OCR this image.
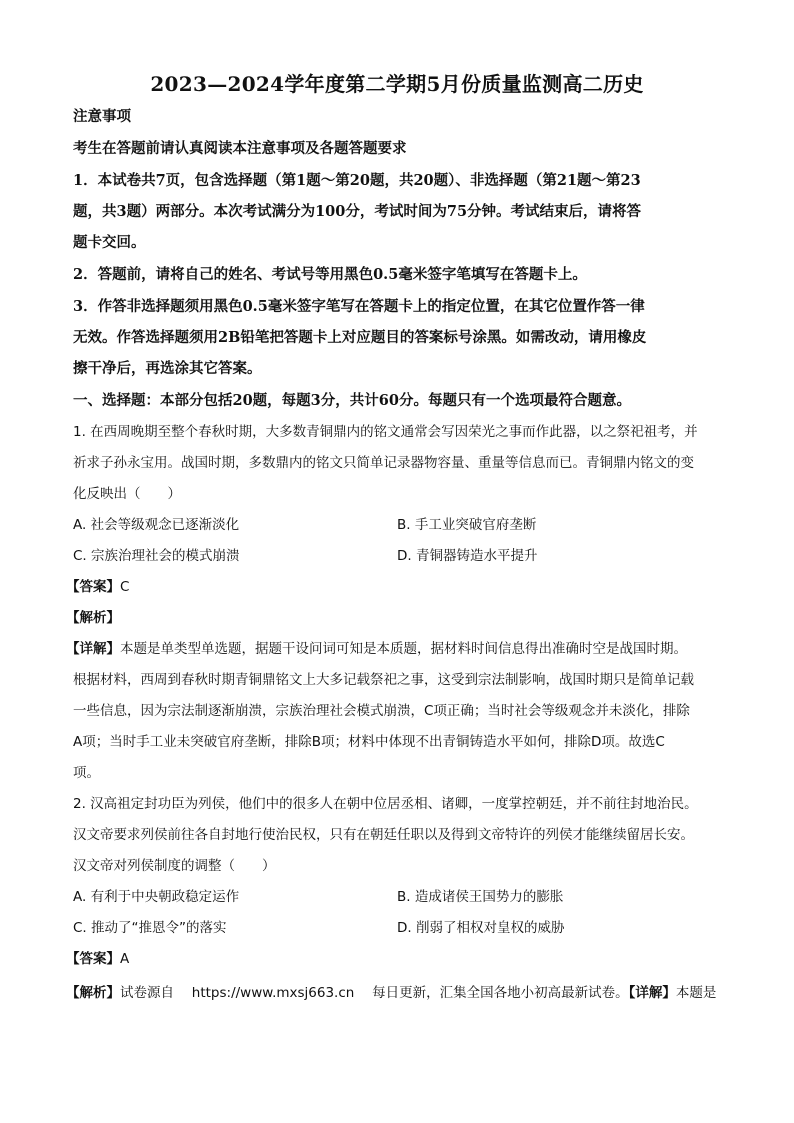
2023—2024学年度第二学期5月份质量监测高二历史
注意事项
考生在答题前请认真阅读本注意事项及各题答题要求
1．本试卷共7页，包含选择题（第1题～第20题，共20题）、非选择题（第21题～第23
题，共3题）两部分。本次考试满分为100分，考试时间为75分钟。考试结束后，请将答
题卡交回。
2．答题前，请将自己的姓名、考试号等用黑色0.5毫米签字笔填写在答题卡上。
3．作答非选择题须用黑色0.5毫米签字笔写在答题卡上的指定位置，在其它位置作答一律
无效。作答选择题须用2B铅笔把答题卡上对应题目的答案标号涂黑。如需改动，请用橡皮
擦干净后，再选涂其它答案。
一、选择题：本部分包括20题，每题3分，共计60分。每题只有一个选项最符合题意。
1. 在西周晚期至整个春秋时期，大多数青铜鼎内的铭文通常会写因荣光之事而作此器，以之祭祀祖考，并
祈求子孙永宝用。战国时期，多数鼎内的铭文只简单记录器物容量、重量等信息而已。青铜鼎内铭文的变
化反映出（　　）
A. 社会等级观念已逐渐淡化	B. 手工业突破官府垄断
C. 宗族治理社会的模式崩溃	D. 青铜器铸造水平提升
【答案】C
【解析】
【详解】本题是单类型单选题，据题干设问词可知是本质题，据材料时间信息得出准确时空是战国时期。
根据材料，西周到春秋时期青铜鼎铭文上大多记载祭祀之事，这受到宗法制影响，战国时期只是简单记载
一些信息，因为宗法制逐渐崩溃，宗族治理社会模式崩溃，C项正确；当时社会等级观念并未淡化，排除
A项；当时手工业未突破官府垄断，排除B项；材料中体现不出青铜铸造水平如何，排除D项。故选C
项。
2. 汉高祖定封功臣为列侯，他们中的很多人在朝中位居丞相、诸卿，一度掌控朝廷，并不前往封地治民。
汉文帝要求列侯前往各自封地行使治民权，只有在朝廷任职以及得到文帝特许的列侯才能继续留居长安。
汉文帝对列侯制度的调整（　　）
A. 有利于中央朝政稳定运作	B. 造成诸侯王国势力的膨胀
C. 推动了“推恩令”的落实	D. 削弱了相权对皇权的威胁
【答案】A
【解析】试卷源自　 https://www.mxsj663.cn　 每日更新，汇集全国各地小初高最新试卷。【详解】本题是
